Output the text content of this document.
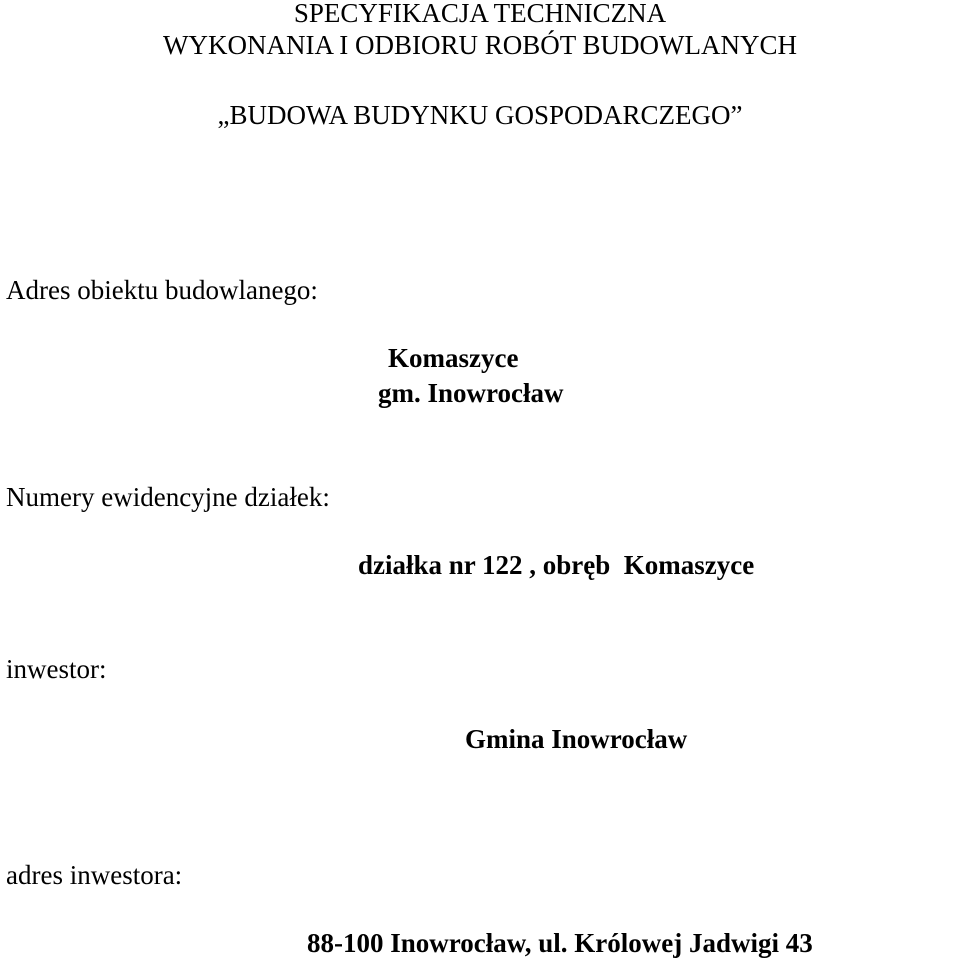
SPECYFIKACJA TECHNICZNA
WYKONANIA I ODBIORU ROBÓT BUDOWLANYCH
„BUDOWA BUDYNKU GOSPODARCZEGO”
Adres obiektu budowlanego:
Komaszyce
gm. Inowrocław
Numery ewidencyjne działek:
działka nr 122 , obręb  Komaszyce
inwestor:
Gmina Inowrocław
adres inwestora:
88-100 Inowrocław, ul. Królowej Jadwigi 43
